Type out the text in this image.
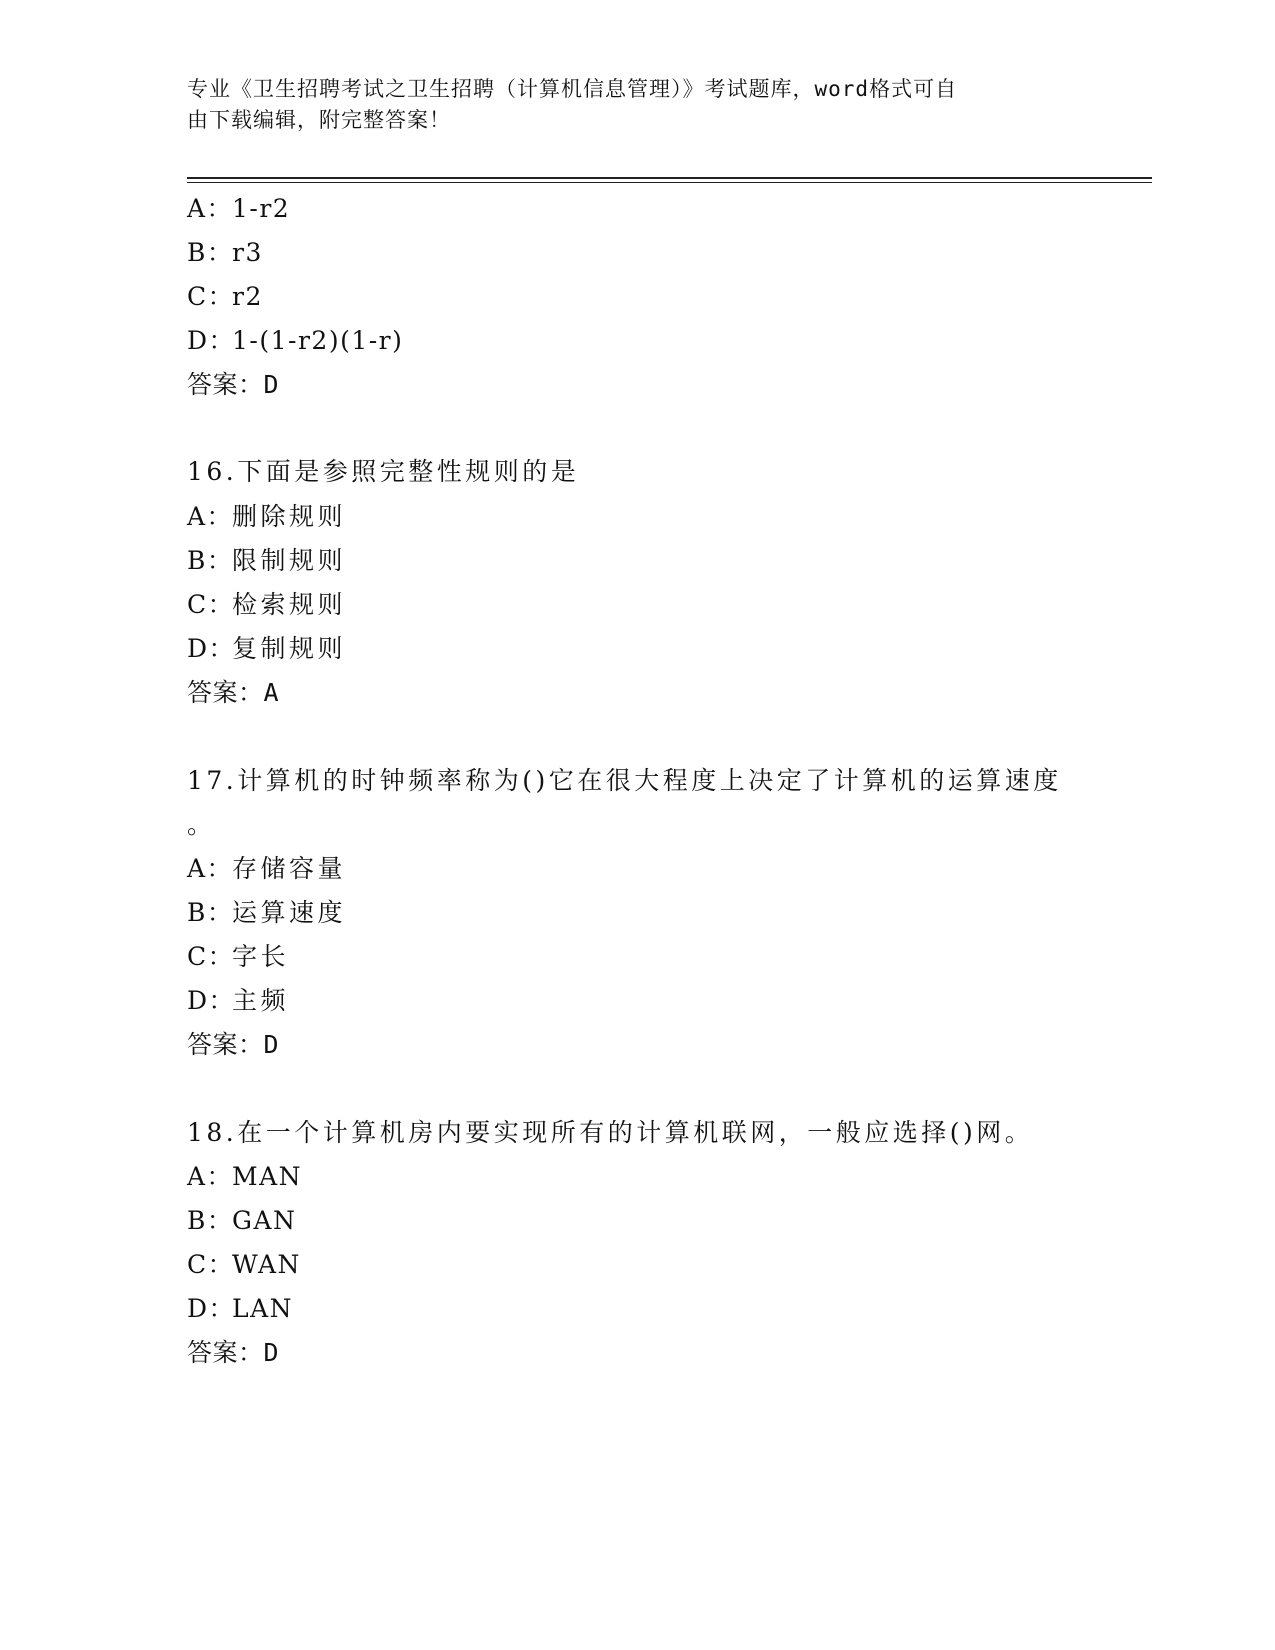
专业《卫生招聘考试之卫生招聘（计算机信息管理）》考试题库，word格式可自
由下载编辑，附完整答案！
A：1-r2
B：r3
C：r2
D：1-(1-r2)(1-r)
答案：D
16.下面是参照完整性规则的是
A：删除规则
B：限制规则
C：检索规则
D：复制规则
答案：A
17.计算机的时钟频率称为()它在很大程度上决定了计算机的运算速度
。
A：存储容量
B：运算速度
C：字长
D：主频
答案：D
18.在一个计算机房内要实现所有的计算机联网，一般应选择()网。
A：MAN
B：GAN
C：WAN
D：LAN
答案：D
